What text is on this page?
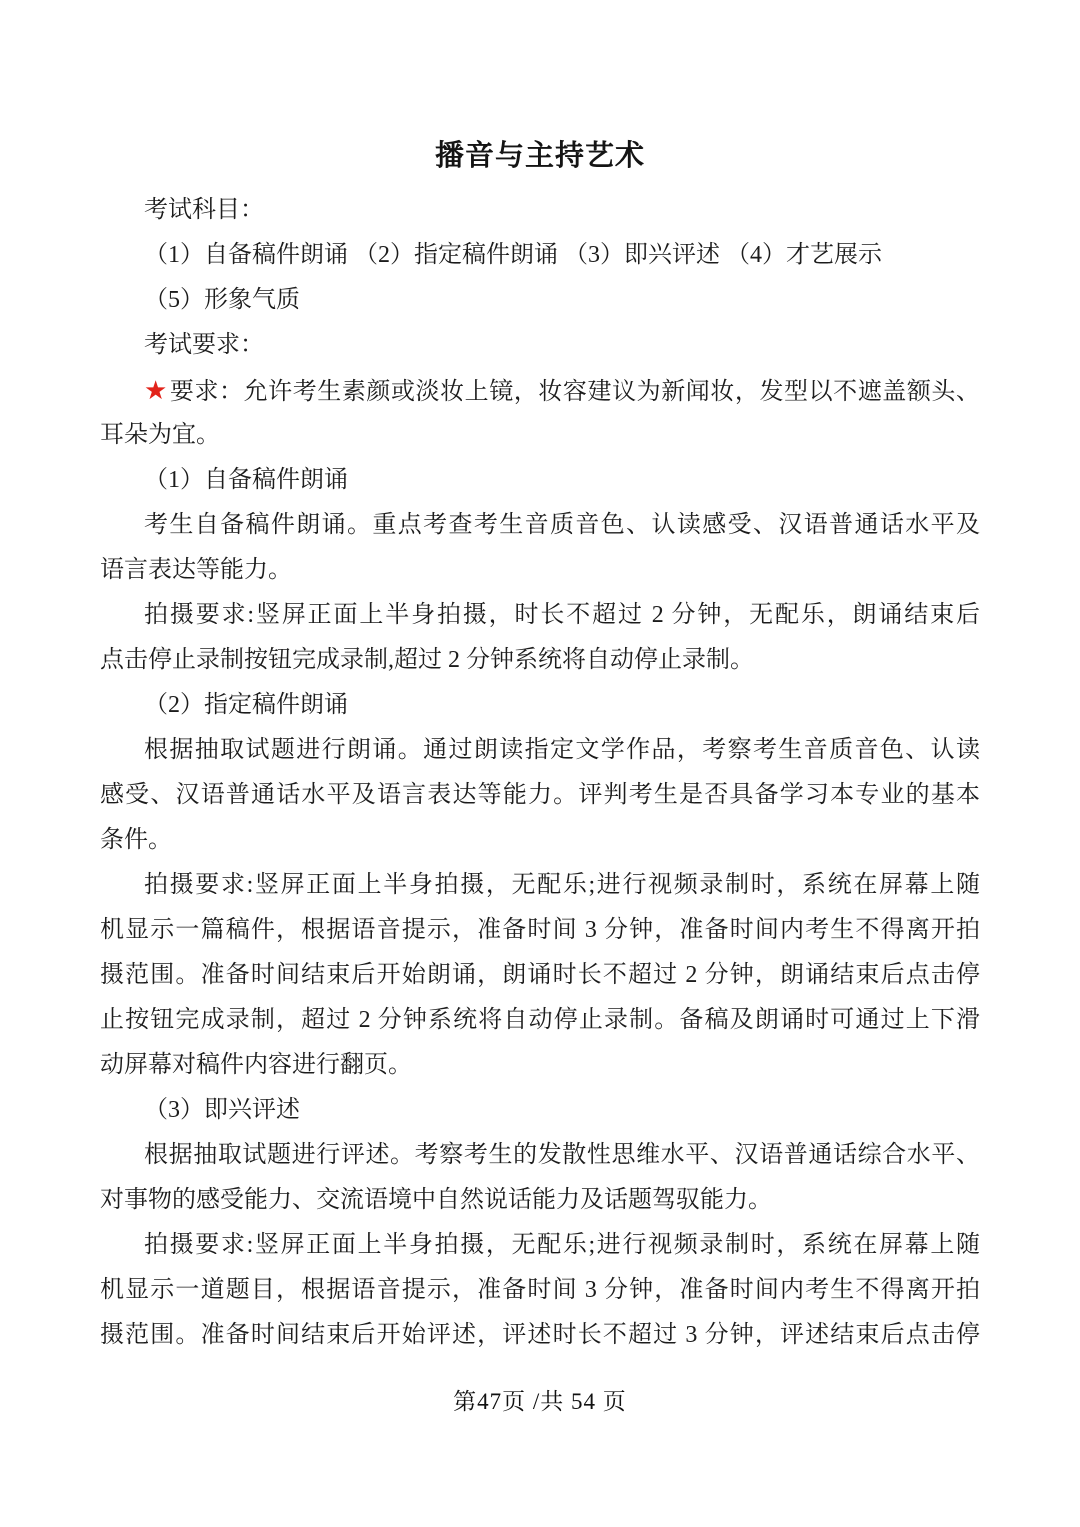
播音与主持艺术
考试科目：
（1）自备稿件朗诵 （2）指定稿件朗诵 （3）即兴评述 （4）才艺展示
（5）形象气质
考试要求：
★要求：允许考生素颜或淡妆上镜，妆容建议为新闻妆，发型以不遮盖额头、
耳朵为宜。
（1）自备稿件朗诵
考生自备稿件朗诵。重点考查考生音质音色、认读感受、汉语普通话水平及
语言表达等能力。
拍摄要求:竖屏正面上半身拍摄，时长不超过 2 分钟，无配乐，朗诵结束后
点击停止录制按钮完成录制,超过 2 分钟系统将自动停止录制。
（2）指定稿件朗诵
根据抽取试题进行朗诵。通过朗读指定文学作品，考察考生音质音色、认读
感受、汉语普通话水平及语言表达等能力。评判考生是否具备学习本专业的基本
条件。
拍摄要求:竖屏正面上半身拍摄，无配乐;进行视频录制时，系统在屏幕上随
机显示一篇稿件，根据语音提示，准备时间 3 分钟，准备时间内考生不得离开拍
摄范围。准备时间结束后开始朗诵，朗诵时长不超过 2 分钟，朗诵结束后点击停
止按钮完成录制，超过 2 分钟系统将自动停止录制。备稿及朗诵时可通过上下滑
动屏幕对稿件内容进行翻页。
（3）即兴评述
根据抽取试题进行评述。考察考生的发散性思维水平、汉语普通话综合水平、
对事物的感受能力、交流语境中自然说话能力及话题驾驭能力。
拍摄要求:竖屏正面上半身拍摄，无配乐;进行视频录制时，系统在屏幕上随
机显示一道题目，根据语音提示，准备时间 3 分钟，准备时间内考生不得离开拍
摄范围。准备时间结束后开始评述，评述时长不超过 3 分钟，评述结束后点击停
第47页 /共 54 页
